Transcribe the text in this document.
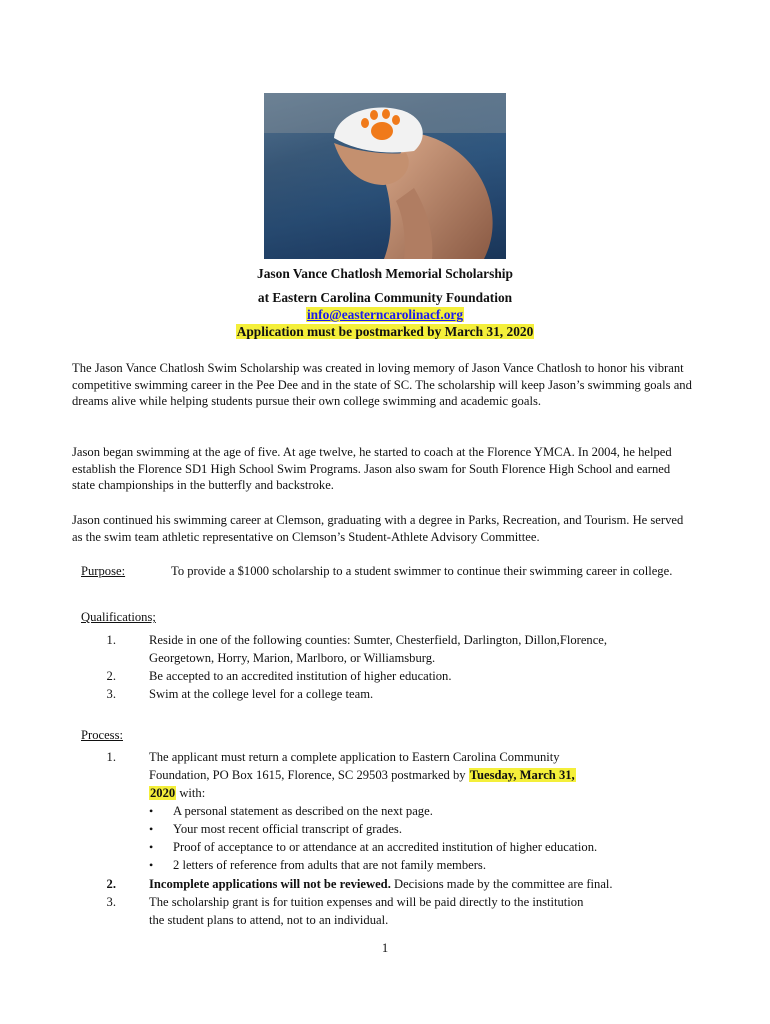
Jason Vance Chatlosh Memorial Scholarship
at Eastern Carolina Community Foundation
info@easterncarolinacf.org
Application must be postmarked by March 31, 2020

The Jason Vance Chatlosh Swim Scholarship was created in loving memory of Jason Vance Chatlosh to honor his vibrant competitive swimming career in the Pee Dee and in the state of SC. The scholarship will keep Jason’s swimming goals and dreams alive while helping students pursue their own college swimming and academic goals.

Jason began swimming at the age of five. At age twelve, he started to coach at the Florence YMCA. In 2004, he helped establish the Florence SD1 High School Swim Programs. Jason also swam for South Florence High School and earned state championships in the butterfly and backstroke.

Jason continued his swimming career at Clemson, graduating with a degree in Parks, Recreation, and Tourism. He served as the swim team athletic representative on Clemson’s Student-Athlete Advisory Committee.

Purpose:	To provide a $1000 scholarship to a student swimmer to continue their swimming career in college.

Qualifications;
1.	Reside in one of the following counties: Sumter, Chesterfield, Darlington, Dillon,Florence,
Georgetown, Horry, Marion, Marlboro, or Williamsburg.
2.	Be accepted to an accredited institution of higher education.
3.	Swim at the college level for a college team.
Process:
1.	The applicant must return a complete application to Eastern Carolina Community
Foundation, PO Box 1615, Florence, SC 29503 postmarked by Tuesday, March 31,
2020 with:
• A personal statement as described on the next page.
• Your most recent official transcript of grades.
• Proof of acceptance to or attendance at an accredited institution of higher education.
• 2 letters of reference from adults that are not family members.
2.	Incomplete applications will not be reviewed. Decisions made by the committee are final.
3.	The scholarship grant is for tuition expenses and will be paid directly to the institution
the student plans to attend, not to an individual.
1
